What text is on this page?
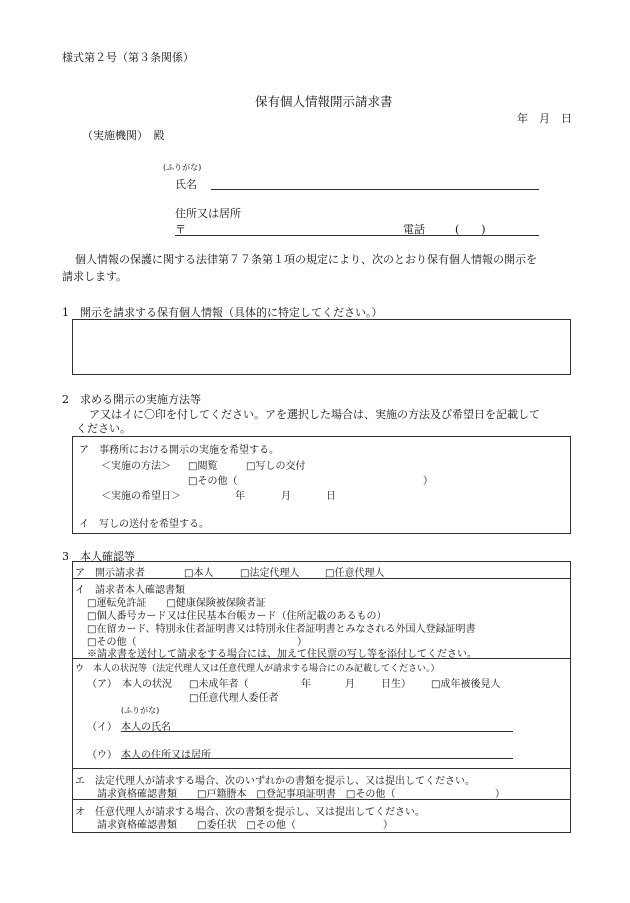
様式第２号（第３条関係）
保有個人情報開示請求書
年　月　日
（実施機関）　殿
(ふりがな)
氏名
住所又は居所
〒	電話	(　　)
個人情報の保護に関する法律第７７条第１項の規定により、次のとおり保有個人情報の開示を
請求します。
1　開示を請求する保有個人情報（具体的に特定してください。）
2　求める開示の実施方法等
ア又はイに〇印を付してください。アを選択した場合は、実施の方法及び希望日を記載して
ください。
ア　事務所における開示の実施を希望する。
＜実施の方法＞ □閲覧	□写しの交付
□その他（	）
＜実施の希望日＞	年	月	日
イ　写しの送付を希望する。
3　本人確認等
ア　開示請求者	□本人	□法定代理人	□任意代理人
イ　請求者本人確認書類
□運転免許証　　□健康保険被保険者証
□個人番号カード又は住民基本台帳カード（住所記載のあるもの）
□在留カード、特別永住者証明書又は特別永住者証明書とみなされる外国人登録証明書
□その他（	）
※請求書を送付して請求をする場合には、加えて住民票の写し等を添付してください。
ウ　本人の状況等（法定代理人又は任意代理人が請求する場合にのみ記載してください。）
（ア）　本人の状況 □未成年者（	年	月	日生） □成年被後見人
□任意代理人委任者
(ふりがな)
（イ） 本人の氏名
（ウ） 本人の住所又は居所
エ　法定代理人が請求する場合、次のいずれかの書類を提示し、又は提出してください。
請求資格確認書類　　□戸籍謄本　□登記事項証明書　□その他（	）
オ　任意代理人が請求する場合、次の書類を提示し、又は提出してください。
請求資格確認書類　　□委任状　□その他（	）
